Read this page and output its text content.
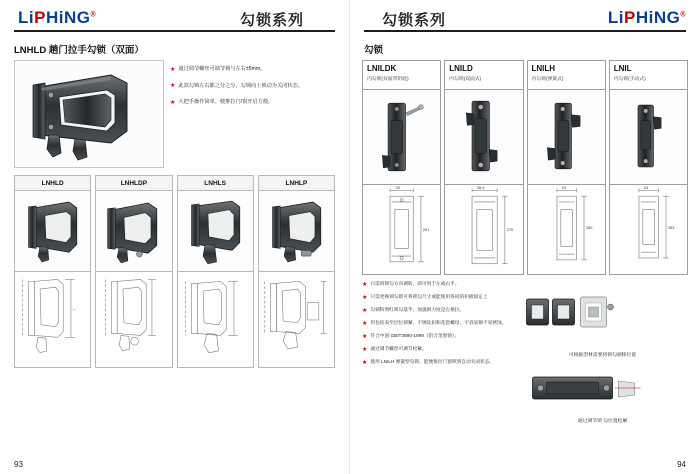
LiPHiNG®	勾锁系列
LNHLD 趟门拉手勾锁（双面）
★ 通过调节螺丝可调节锁与左右±5mm。
★ 此款勾锁左右都之分之分，勾锁向上锁动为关闭状态。
★ 大把手操作简单、便推拉门/窗开启方便。
LNHLD
—
LNHLDP	LNHLS	LNHLP
93
勾锁系列	LiPHiNG®
勾锁
LNILDK
内勾锁(双面带钥匙)
20
201
LNILD
内勾锁(双面式)
26.4
270
LNILH
内勾锁(弹簧式)
24
260
LNIL
内勾锁(手动式)
24
253
★ 只需将锁勾方向调转，即可用于左或右手。
★ 只需更换锁勾即可将锁勾尺寸或能使用各同的扣板固定上
★ 勾锁粉剂红锁勾基乎、加强锁力度是左推拉。
★ 用包结表至层位锁紧，不锈钛扣和花套螺母，不容易钢不易锈蚀。
★ 符合中国 GB/T3890-1999（铝合金窗锁）。
★ 通过调节螺丝可调节松紧。
★ 使用 LNILH 弹簧型勾锁，能便推拉门窗锁到自动关闭状态。
可根据型材需要将锁勾颜移位置
通过调节锁 勾位置松紧
94
